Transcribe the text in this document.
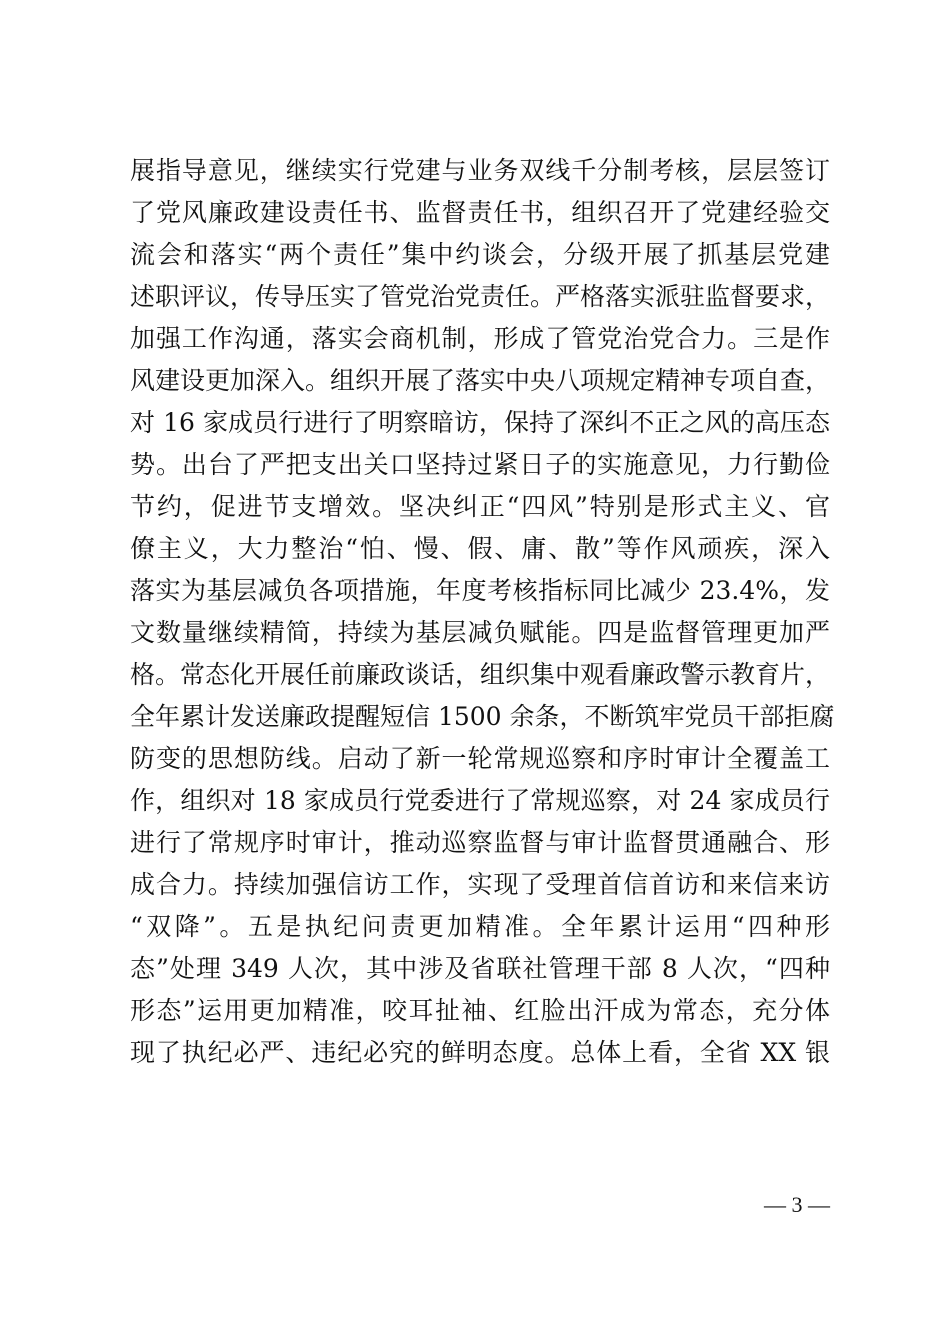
展指导意见，继续实行党建与业务双线千分制考核，层层签订
了党风廉政建设责任书、监督责任书，组织召开了党建经验交
流会和落实“两个责任”集中约谈会，分级开展了抓基层党建
述职评议，传导压实了管党治党责任。严格落实派驻监督要求，
加强工作沟通，落实会商机制，形成了管党治党合力。三是作
风建设更加深入。组织开展了落实中央八项规定精神专项自查，
对 16 家成员行进行了明察暗访，保持了深纠不正之风的高压态
势。出台了严把支出关口坚持过紧日子的实施意见，力行勤俭
节约，促进节支增效。坚决纠正“四风”特别是形式主义、官
僚主义，大力整治“怕、慢、假、庸、散”等作风顽疾，深入
落实为基层减负各项措施，年度考核指标同比减少 23.4%，发
文数量继续精简，持续为基层减负赋能。四是监督管理更加严
格。常态化开展任前廉政谈话，组织集中观看廉政警示教育片，
全年累计发送廉政提醒短信 1500 余条，不断筑牢党员干部拒腐
防变的思想防线。启动了新一轮常规巡察和序时审计全覆盖工
作，组织对 18 家成员行党委进行了常规巡察，对 24 家成员行
进行了常规序时审计，推动巡察监督与审计监督贯通融合、形
成合力。持续加强信访工作，实现了受理首信首访和来信来访
“双降”。五是执纪问责更加精准。全年累计运用“四种形
态”处理 349 人次，其中涉及省联社管理干部 8 人次，“四种
形态”运用更加精准，咬耳扯袖、红脸出汗成为常态，充分体
现了执纪必严、违纪必究的鲜明态度。总体上看，全省 XX 银
— 3 —
